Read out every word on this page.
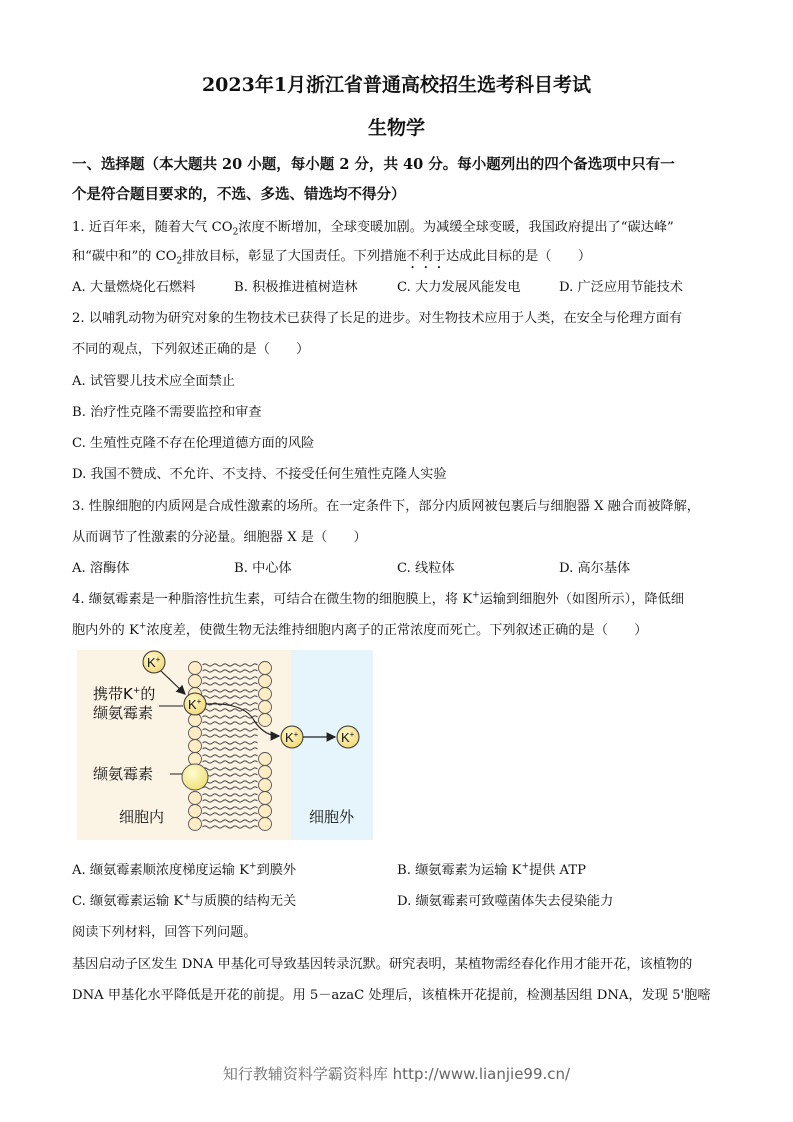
2023年1月浙江省普通高校招生选考科目考试
生物学
一、选择题（本大题共 20 小题，每小题 2 分，共 40 分。每小题列出的四个备选项中只有一
个是符合题目要求的，不选、多选、错选均不得分）
1. 近百年来，随着大气 $CO_2$浓度不断增加，全球变暖加剧。为减缓全球变暖，我国政府提出了“碳达峰”
和“碳中和”的 $CO_2$排放目标，彰显了大国责任。下列措施不利于达成此目标的是（　　）
A. 大量燃烧化石燃料	B. 积极推进植树造林	C. 大力发展风能发电	D. 广泛应用节能技术
2. 以哺乳动物为研究对象的生物技术已获得了长足的进步。对生物技术应用于人类，在安全与伦理方面有
不同的观点，下列叙述正确的是（　　）
A. 试管婴儿技术应全面禁止
B. 治疗性克隆不需要监控和审查
C. 生殖性克隆不存在伦理道德方面的风险
D. 我国不赞成、不允许、不支持、不接受任何生殖性克隆人实验
3. 性腺细胞的内质网是合成性激素的场所。在一定条件下，部分内质网被包裹后与细胞器 X 融合而被降解，
从而调节了性激素的分泌量。细胞器 X 是（　　）
A. 溶酶体	B. 中心体	C. 线粒体	D. 高尔基体
4. 缬氨霉素是一种脂溶性抗生素，可结合在微生物的细胞膜上，将 K+运输到细胞外（如图所示），降低细
胞内外的 K+浓度差，使微生物无法维持细胞内离子的正常浓度而死亡。下列叙述正确的是（　　）
K+
K+
K+	K+
携带K+的
缬氨霉素
缬氨霉素
细胞内	细胞外
A. 缬氨霉素顺浓度梯度运输 K+到膜外	B. 缬氨霉素为运输 K+提供 ATP
C. 缬氨霉素运输 K+与质膜的结构无关	D. 缬氨霉素可致噬菌体失去侵染能力
阅读下列材料，回答下列问题。
基因启动子区发生 DNA 甲基化可导致基因转录沉默。研究表明，某植物需经春化作用才能开花，该植物的
DNA 甲基化水平降低是开花的前提。用 5－azaC 处理后，该植株开花提前，检测基因组 DNA，发现 5'胞嘧
知行教辅资料学霸资料库 http://www.lianjie99.cn/
